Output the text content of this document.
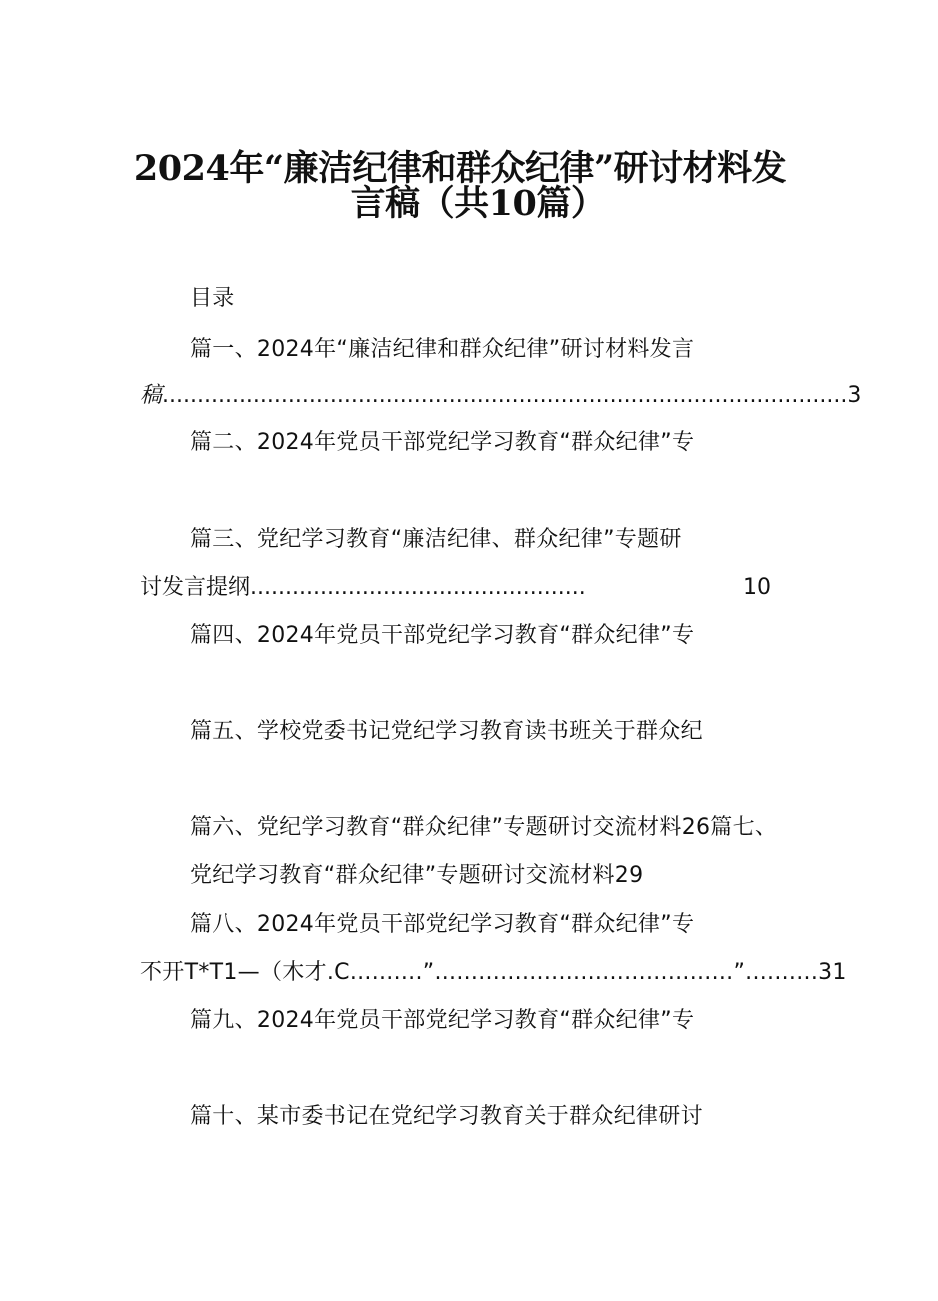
2024年“廉洁纪律和群众纪律”研讨材料发
言稿（共10篇）
目录
篇一、2024年“廉洁纪律和群众纪律”研讨材料发言
稿 .................................................................................................. 3
篇二、2024年党员干部党纪学习教育“群众纪律”专
篇三、党纪学习教育“廉洁纪律、群众纪律”专题研
讨发言提纲 ................................................	10
篇四、2024年党员干部党纪学习教育“群众纪律”专
篇五、学校党委书记党纪学习教育读书班关于群众纪
篇六、党纪学习教育“群众纪律”专题研讨交流材料26篇七、
党纪学习教育“群众纪律”专题研讨交流材料29
篇八、2024年党员干部党纪学习教育“群众纪律”专
不开T*T1—（木才.C..........”.........................................”..........31
篇九、2024年党员干部党纪学习教育“群众纪律”专
篇十、某市委书记在党纪学习教育关于群众纪律研讨
